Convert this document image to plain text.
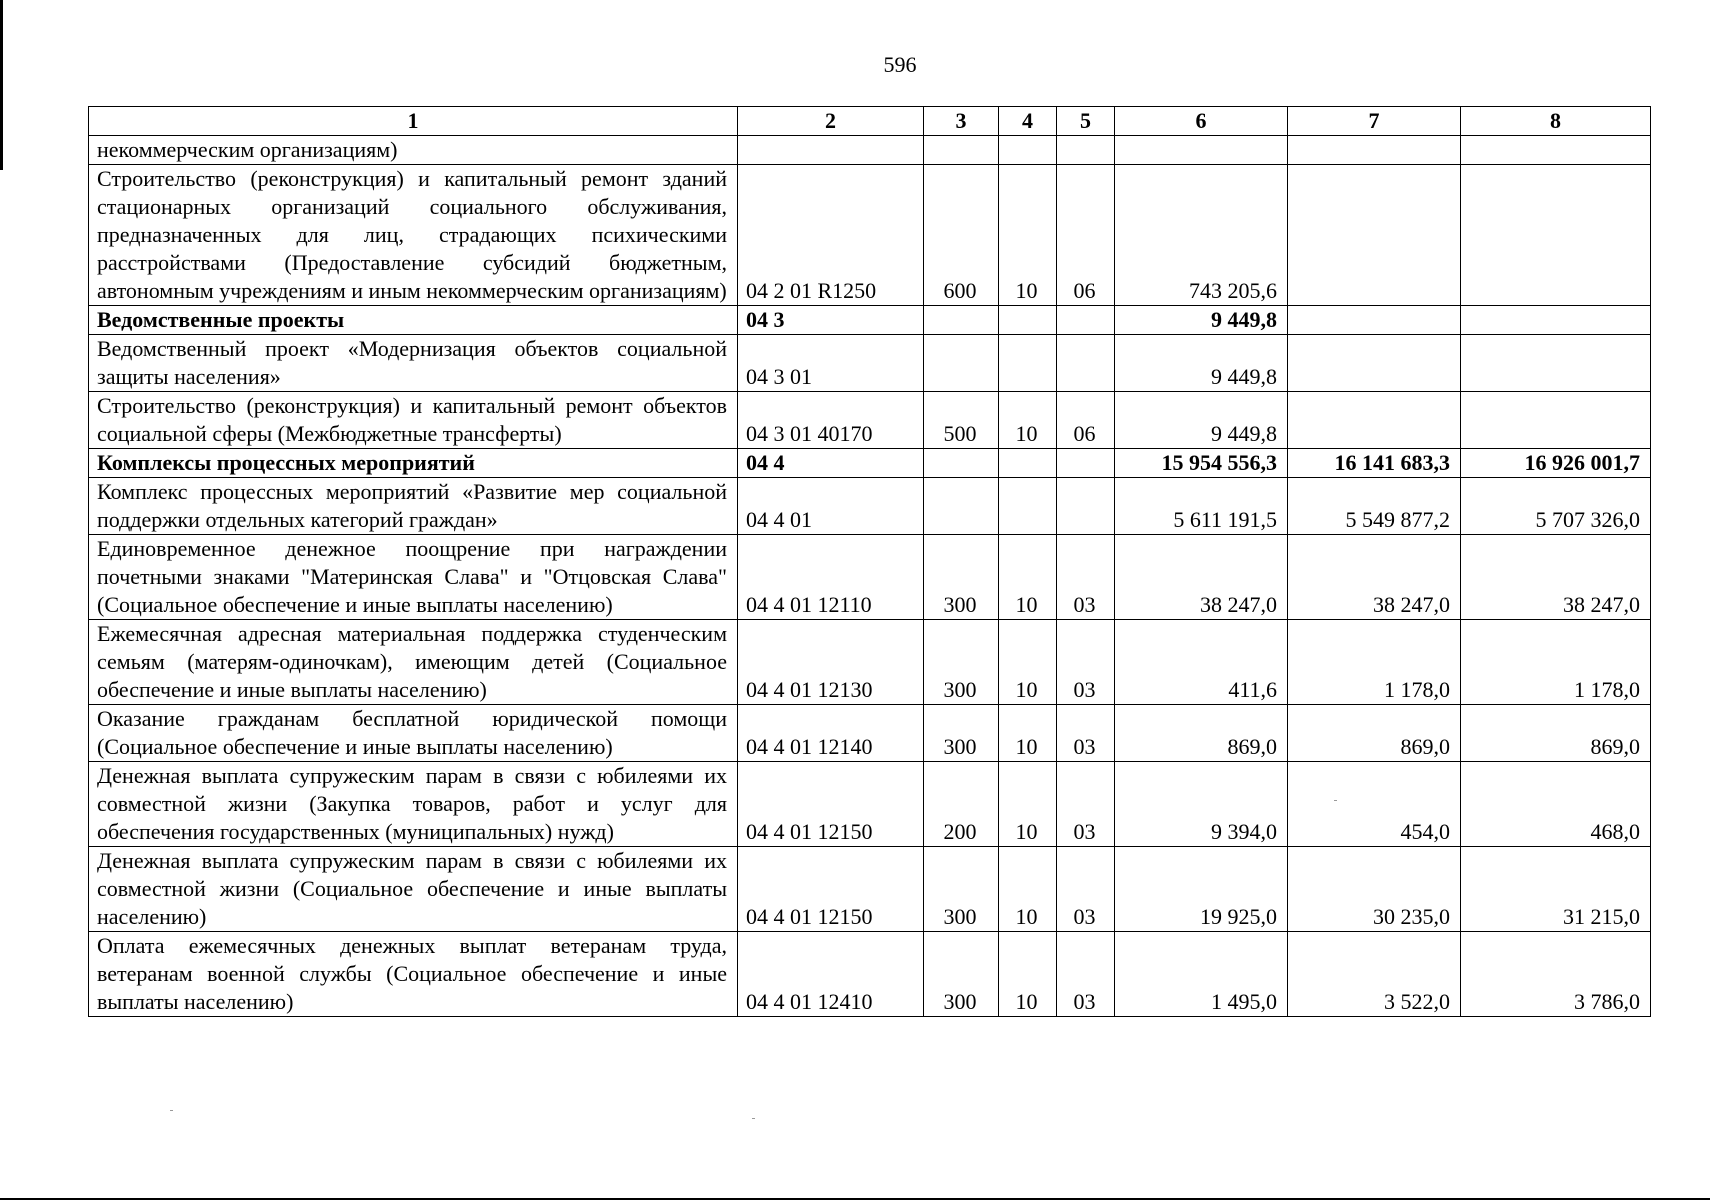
596
1	2	3	4	5	6	7	8
некоммерческим организациям)							
Строительство (реконструкция) и капитальный ремонт зданий стационарных организаций социального обслуживания, предназначенных для лиц, страдающих психическими расстройствами (Предоставление субсидий бюджетным, автономным учреждениям и иным некоммерческим организациям)	04 2 01 R1250	600	10	06	743 205,6		
Ведомственные проекты	04 3				9 449,8		
Ведомственный проект «Модернизация объектов социальной защиты населения»	04 3 01				9 449,8		
Строительство (реконструкция) и капитальный ремонт объектов социальной сферы (Межбюджетные трансферты)	04 3 01 40170	500	10	06	9 449,8		
Комплексы процессных мероприятий	04 4				15 954 556,3	16 141 683,3	16 926 001,7
Комплекс процессных мероприятий «Развитие мер социальной поддержки отдельных категорий граждан»	04 4 01				5 611 191,5	5 549 877,2	5 707 326,0
Единовременное денежное поощрение при награждении почетными знаками "Материнская Слава" и "Отцовская Слава" (Социальное обеспечение и иные выплаты населению)	04 4 01 12110	300	10	03	38 247,0	38 247,0	38 247,0
Ежемесячная адресная материальная поддержка студенческим семьям (матерям-одиночкам), имеющим детей (Социальное обеспечение и иные выплаты населению)	04 4 01 12130	300	10	03	411,6	1 178,0	1 178,0
Оказание гражданам бесплатной юридической помощи (Социальное обеспечение и иные выплаты населению)	04 4 01 12140	300	10	03	869,0	869,0	869,0
Денежная выплата супружеским парам в связи с юбилеями их совместной жизни (Закупка товаров, работ и услуг для обеспечения государственных (муниципальных) нужд)	04 4 01 12150	200	10	03	9 394,0	454,0	468,0
Денежная выплата супружеским парам в связи с юбилеями их совместной жизни (Социальное обеспечение и иные выплаты населению)	04 4 01 12150	300	10	03	19 925,0	30 235,0	31 215,0
Оплата ежемесячных денежных выплат ветеранам труда, ветеранам военной службы (Социальное обеспечение и иные выплаты населению)	04 4 01 12410	300	10	03	1 495,0	3 522,0	3 786,0
